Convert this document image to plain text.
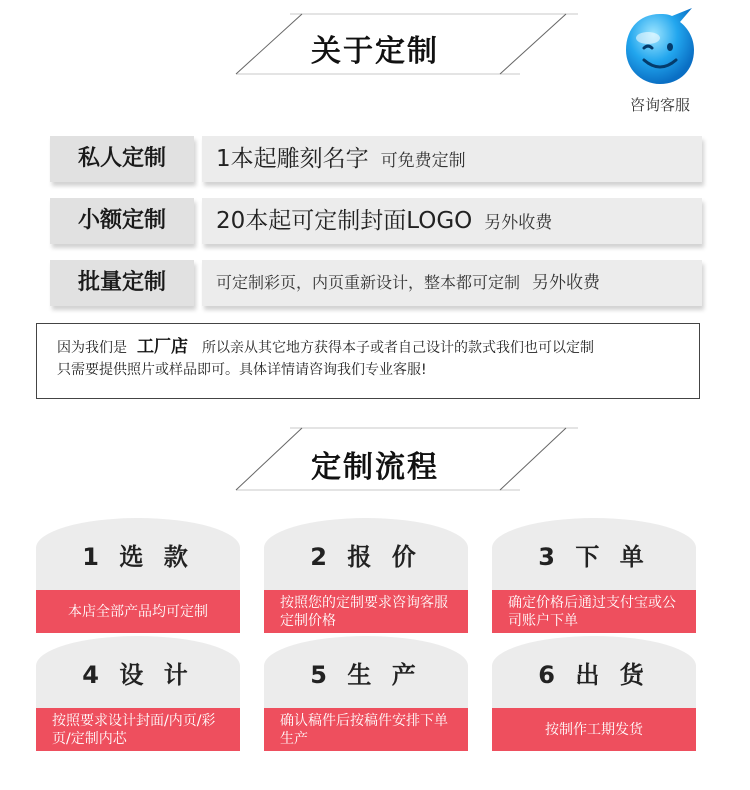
关于定制
咨询客服
私人定制	1本起雕刻名字 可免费定制
小额定制	20本起可定制封面LOGO 另外收费
批量定制	可定制彩页，内页重新设计，整本都可定制 另外收费
因为我们是 工厂店 所以亲从其它地方获得本子或者自己设计的款式我们也可以定制
只需要提供照片或样品即可。具体详情请咨询我们专业客服!
定制流程
1 选 款
本店全部产品均可定制
2 报 价
按照您的定制要求咨询客服定制价格
3 下 单
确定价格后通过支付宝或公司账户下单
4 设 计
按照要求设计封面/内页/彩页/定制内芯
5 生 产
确认稿件后按稿件安排下单生产
6 出 货
按制作工期发货
